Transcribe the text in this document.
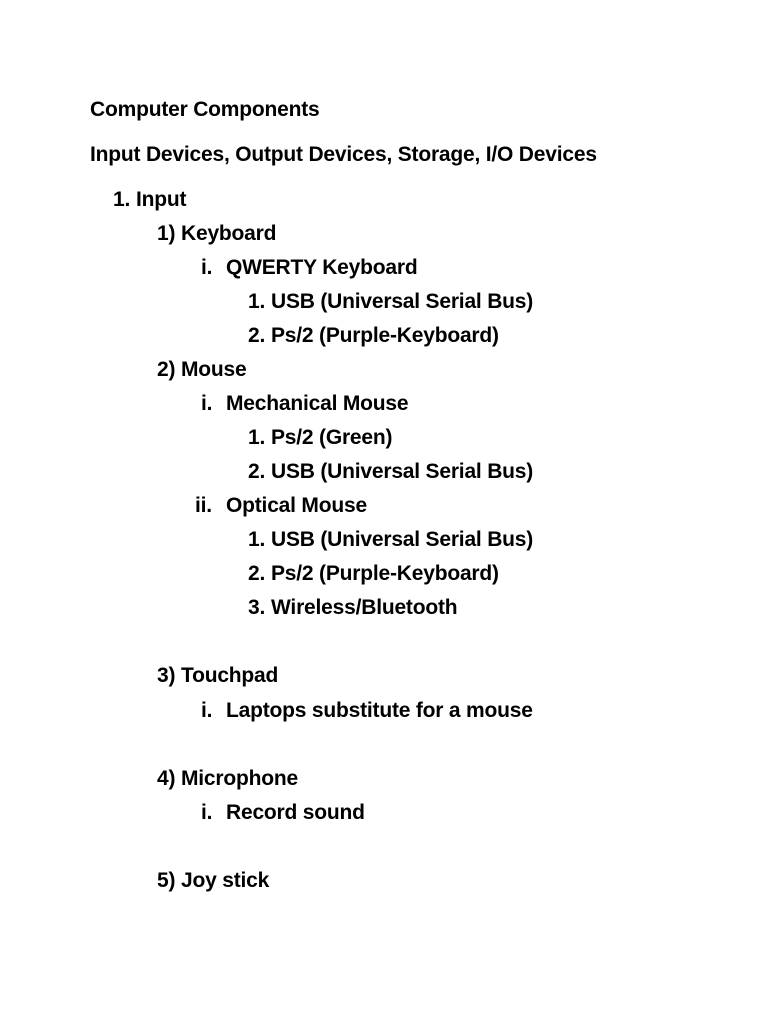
Computer Components
Input Devices, Output Devices, Storage, I/O Devices
1. Input
1) Keyboard
i. QWERTY Keyboard
1. USB (Universal Serial Bus)
2. Ps/2 (Purple-Keyboard)
2) Mouse
i. Mechanical Mouse
1. Ps/2 (Green)
2. USB (Universal Serial Bus)
ii. Optical Mouse
1. USB (Universal Serial Bus)
2. Ps/2 (Purple-Keyboard)
3. Wireless/Bluetooth
3) Touchpad
i. Laptops substitute for a mouse
4) Microphone
i. Record sound
5) Joy stick
